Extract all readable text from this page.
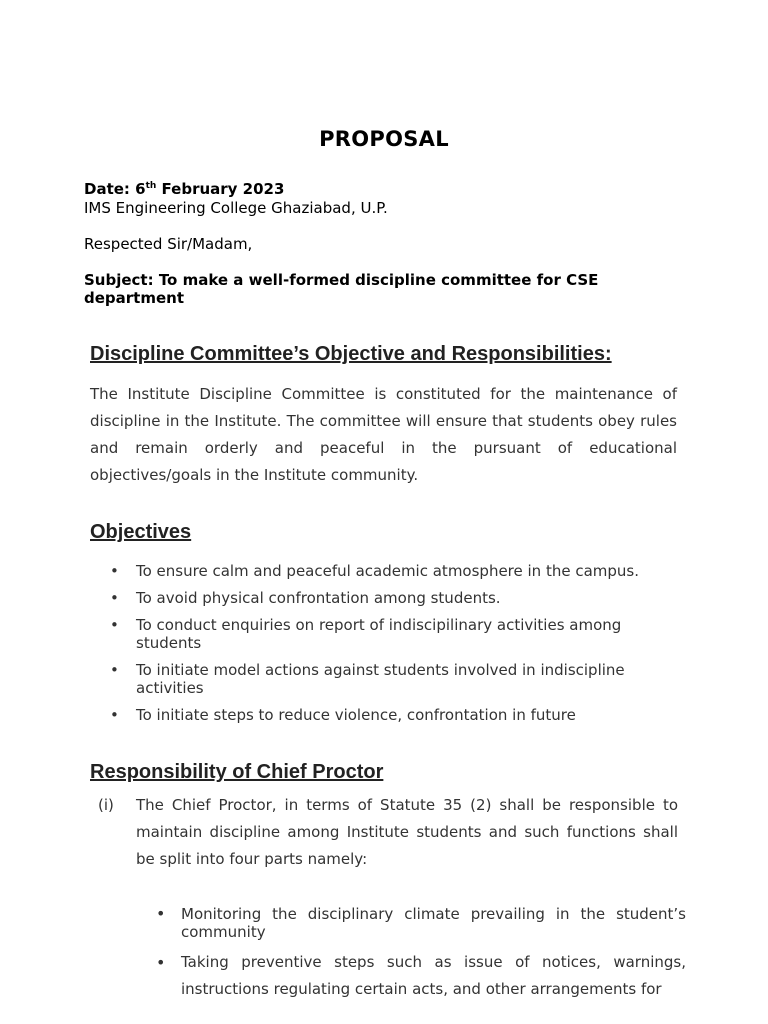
PROPOSAL
Date: 6th February 2023
IMS Engineering College Ghaziabad, U.P.
Respected Sir/Madam,
Subject: To make a well-formed discipline committee for CSE department
Discipline Committee’s Objective and Responsibilities:
The Institute Discipline Committee is constituted for the maintenance of discipline in the Institute. The committee will ensure that students obey rules and remain orderly and peaceful in the pursuant of educational objectives/goals in the Institute community.
Objectives
• To ensure calm and peaceful academic atmosphere in the campus.
• To avoid physical confrontation among students.
• To conduct enquiries on report of indiscipilinary activities among students
• To initiate model actions against students involved in indiscipline activities
• To initiate steps to reduce violence, confrontation in future
Responsibility of Chief Proctor
(i) The Chief Proctor, in terms of Statute 35 (2) shall be responsible to maintain discipline among Institute students and such functions shall be split into four parts namely:
• Monitoring the disciplinary climate prevailing in the student’s community
• Taking preventive steps such as issue of notices, warnings, instructions regulating certain acts, and other arrangements for
